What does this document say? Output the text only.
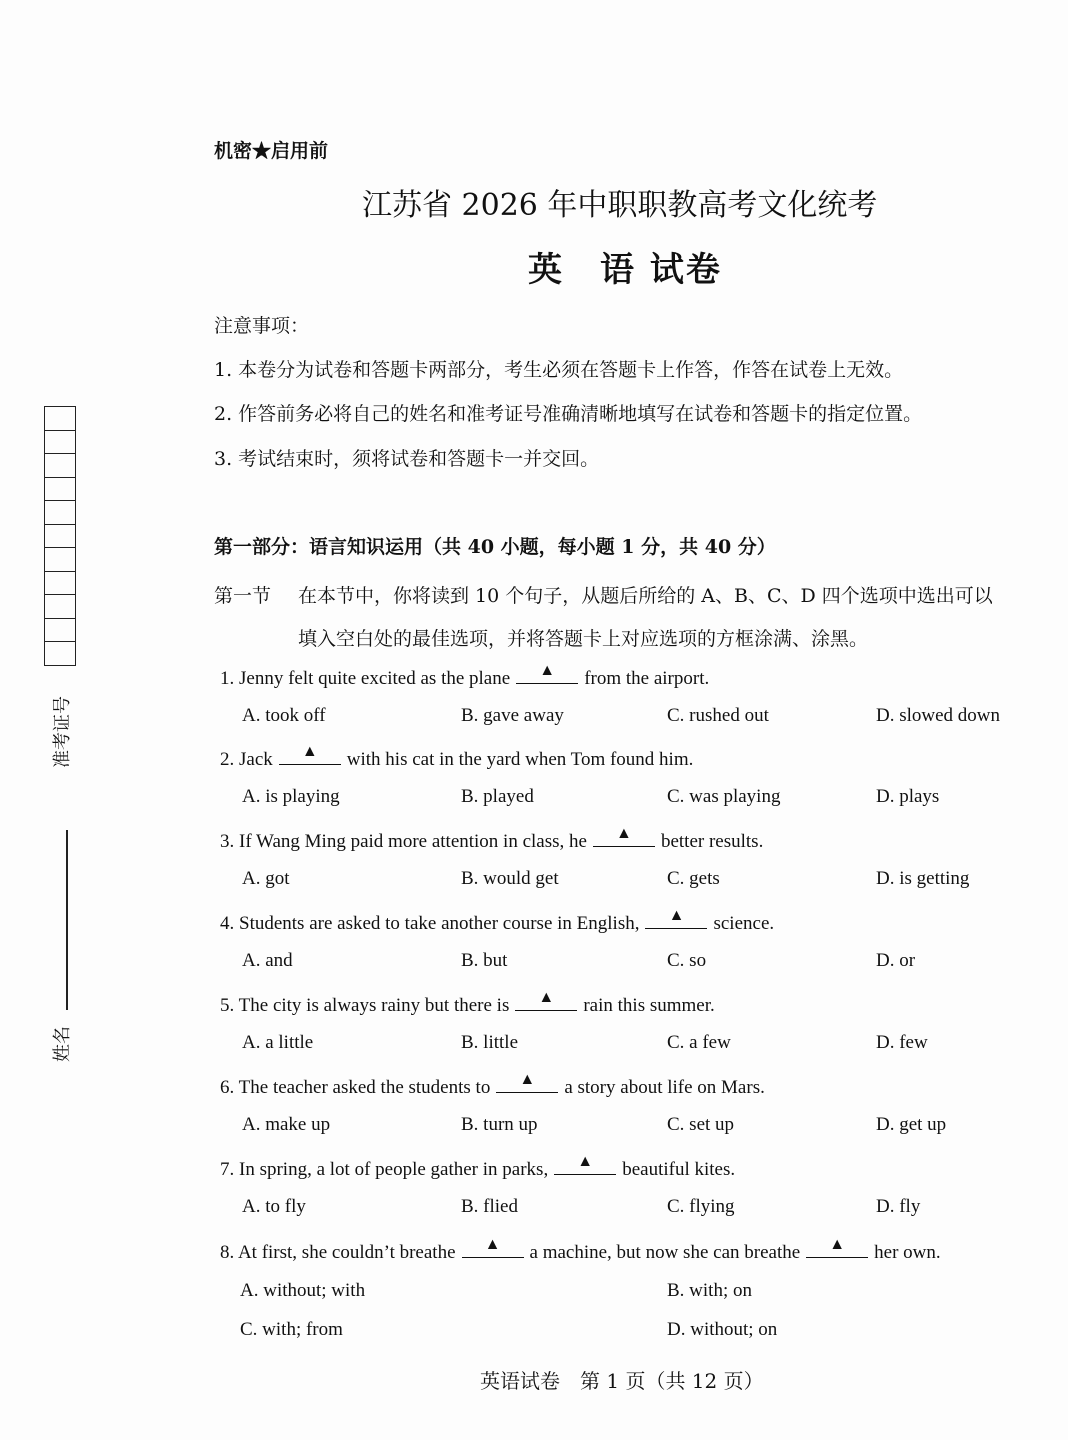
准考证号
姓名
机密★启用前
江苏省 2026 年中职职教高考文化统考
英　语 试卷
注意事项：
1. 本卷分为试卷和答题卡两部分，考生必须在答题卡上作答，作答在试卷上无效。
2. 作答前务必将自己的姓名和准考证号准确清晰地填写在试卷和答题卡的指定位置。
3. 考试结束时，须将试卷和答题卡一并交回。
第一部分：语言知识运用（共 40 小题，每小题 1 分，共 40 分）
第一节 在本节中，你将读到 10 个句子，从题后所给的 A、B、C、D 四个选项中选出可以
填入空白处的最佳选项，并将答题卡上对应选项的方框涂满、涂黑。
1. Jenny felt quite excited as the plane ▲ from the airport.
A. took off	B. gave away	C. rushed out	D. slowed down
2. Jack ▲ with his cat in the yard when Tom found him.
A. is playing	B. played	C. was playing	D. plays
3. If Wang Ming paid more attention in class, he ▲ better results.
A. got	B. would get	C. gets	D. is getting
4. Students are asked to take another course in English, ▲ science.
A. and	B. but	C. so	D. or
5. The city is always rainy but there is ▲ rain this summer.
A. a little	B. little	C. a few	D. few
6. The teacher asked the students to ▲ a story about life on Mars.
A. make up	B. turn up	C. set up	D. get up
7. In spring, a lot of people gather in parks, ▲ beautiful kites.
A. to fly	B. flied	C. flying	D. fly
8. At first, she couldn’t breathe ▲ a machine, but now she can breathe ▲ her own.
A. without; with	B. with; on
C. with; from	D. without; on
英语试卷　第 1 页（共 12 页）
